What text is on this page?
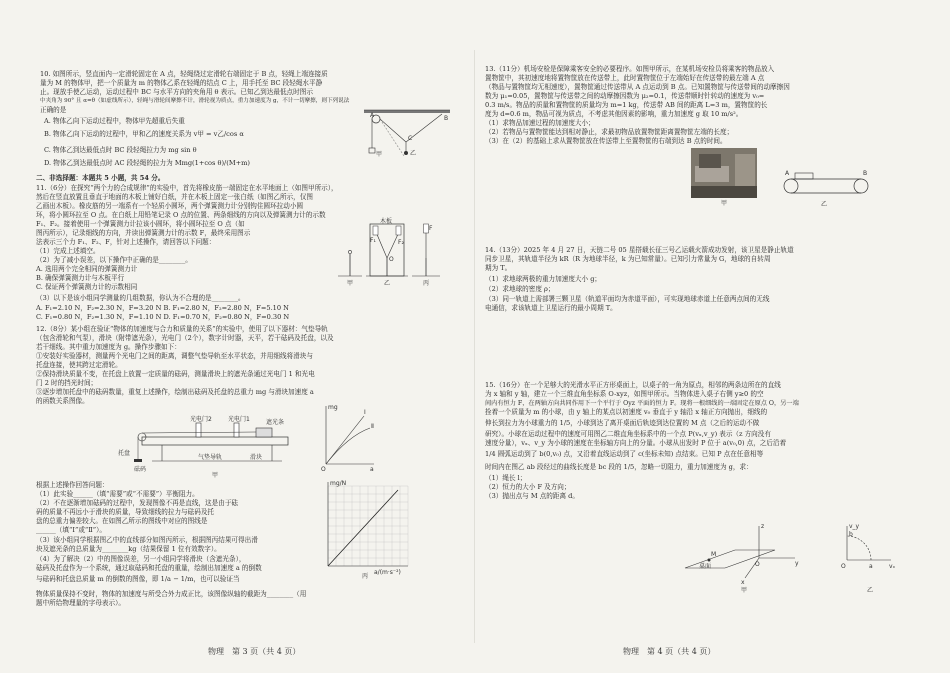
10. 如图所示，竖直面内一定滑轮固定在 A 点，轻绳绕过定滑轮右端固定于 B 点，轻绳上端连接质
量为 M 的物体甲，把一个质量为 m 的物体乙系在轻绳的结点 C 上，用手托至 BC 段轻绳水平静
止。现放手使乙运动，运动过程中 BC 与水平方向的夹角用 θ 表示。已知乙到达最低点时图示
中夹角为 90° 且 α=θ（如虚线所示），轻绳与滑轮间摩擦不计，滑轮视为质点，重力加速度为 g，不计一切摩擦，则下列说法
正确的是
A. 物体乙向下运动过程中，物体甲先超重后失重
B. 物体乙向下运动的过程中，甲和乙的速度关系为 v甲 = v乙/cos α
C. 物体乙到达最低点时 BC 段轻绳拉力为 mg sin θ
D. 物体乙到达最低点时 AC 段轻绳的拉力为 Mmg(1+cos θ)/(M+m)
A	B
C
甲	乙
二、非选择题：本题共 5 小题，共 54 分。
11.（6分）在探究“两个力的合成规律”的实验中，首先将橡皮筋一端固定在水平地面上（如图甲所示），
然后在竖直放置且垂直于地面的木板上铺好白纸，并在木板上固定一张白纸（如图乙所示，仅图
乙画出木板）。橡皮筋的另一端系有一个轻质小圆环，两个弹簧测力计分别钩住圆环拉动小圆
环，将小圆环拉至 O 点。在白纸上用铅笔记录 O 点的位置、两条细线的方向以及弹簧测力计的示数
F₁、F₂。接着使用一个弹簧测力计拉该小圆环，将小圆环拉至 O 点（如
图丙所示），记录细线的方向，并读出弹簧测力计的示数 F，最终采用图示
法表示三个力 F₁、F₂、F，针对上述操作，请回答以下问题：
（1）完成上述填空。
（2）为了减小误差，以下操作中正确的是________。
A. 选用两个完全相同的弹簧测力计
B. 确保弹簧测力计与木板平行
C. 保证两个弹簧测力计的示数相同
（3）以下是该小组同学测量的几组数据，你认为不合理的是________。
A. F₁=2.10 N，F₂=2.30 N，F=3.20 N B. F₁=2.80 N，F₂=2.80 N，F=5.10 N
C. F₁=0.80 N，F₂=1.30 N，F=1.10 N D. F₁=0.70 N，F₂=0.80 N，F=0.30 N
甲
木板
F₁	F₂
O
乙
F
丙
12.（8分）某小组在验证“物体的加速度与合力和质量的关系”的实验中，使用了以下器材：气垫导轨
（包含滑轮和气泵），滑块（附带遮光条），光电门（2个），数字计时器，天平，若干砝码及托盘，以及
若干细线。其中重力加速度为 g。操作步骤如下：
①安装好实验器材，测量两个光电门之间的距离，调整气垫导轨至水平状态，并用细线将滑块与
托盘连接，使其跨过定滑轮。
②保持滑块质量不变，在托盘上放置一定质量的砝码，测量滑块上的遮光条通过光电门 1 和光电
门 2 时的挡光时间；
③逐步增加托盘中的砝码数量，重复上述操作，绘制出砝码及托盘的总重力 mg 与滑块加速度 a
的函数关系图像。
光电门2	光电门1	遮光条
托盘
砝码
气垫导轨	滑块
甲
mg
a
O
Ⅰ
Ⅱ
mg/N
a/(m·s⁻²)
丙
根据上述操作回答问题：
（1）此实验______（填“需要”或“不需要”）平衡阻力。
（2）不在逐渐增加砝码的过程中，发现图像不再是直线，这是由于砝
码的质量不再远小于滑块的质量，导致细线的拉力与砝码及托
盘的总重力偏差较大。在如图乙所示的图线中对应的图线是
______（填“Ⅰ”或“Ⅱ”）。
（3）该小组同学根据图乙中的直线部分如图丙所示，根据图丙结果可得出滑
块及遮光条的总质量为________kg（结果保留 1 位有效数字）。
（4）为了解决（2）中的图像误差，另一小组同学将滑块（含遮光条），
砝码及托盘作为一个系统，通过取砝码和托盘的重量，绘制出加速度 a 的倒数
与砝码和托盘总质量 m 的倒数的图像，即 1/a − 1/m，也可以验证当
物体质量保持不变时，物体的加速度与所受合外力成正比，该图像纵轴的截距为________（用
题中所给物理量的字母表示）。
物理　第 3 页（共 4 页）
13.（11分）机场安检是保障乘客安全的必要程序。如图甲所示，在某机场安检员将乘客的物品放入
置物筐中，其初速度地将置物筐放在传送带上，此时置物筐位于左端始好在传送带的最左端 A 点
（物品与置物筐均无相速度），置物筐通过传送带从 A 点运动到 B 点。已知置物筐与传送带间的动摩擦因
数为 μ₁=0.05，置物筐与传送带之间的动摩擦因数为 μ₂=0.1，传送带顺时针转动的速度为 v₀=
0.3 m/s。物品的质量和置物筐的质量均为 m=1 kg，传送带 AB 间的距离 L=3 m，置物筐的长
度为 d=0.6 m，物品可视为质点，不考虑其他因素的影响，重力加速度 g 取 10 m/s²。
（1）求物品加速过程的加速度大小；
（2）若物品与置物筐能达到相对静止，求最初物品放置物筐距离置物筐左端的长度；
（3）在（2）的基础上求从置物筐放在传送带上至置物筐的右端到达 B 点的时间。
甲
A	B
乙
14.（13分）2025 年 4 月 27 日，天链二号 05 星搭载长征三号乙运载火箭成功发射，该卫星是静止轨道
同步卫星，其轨道半径为 kR（R 为地球半径，k 为已知常量）。已知引力常量为 G，地球的自转周
期为 T。
（1）求地球两极的重力加速度大小 g；
（2）求地球的密度 ρ；
（3）同一轨道上需部署三颗卫星（轨道平面均为赤道平面），可实现地球赤道上任意两点间的无线
电通信，求该轨道上卫星运行的最小周期 T。
15.（16分）在一个足够大的光滑水平正方形桌面上，以桌子的一角为原点，相邻的两条边所在的直线
为 x 轴和 y 轴，建立一个三维直角坐标系 O-xyz，如图甲所示。当物体进入桌子右侧 y≥0 的空
间内有恒力 F，在两轴方向共同作用下一个平行于 Oyz 平面的恒力 F。现将一根细线的一端固定在原点 O，另一端
拴着一个质量为 m 的小球，由 y 轴上的某点以初速度 v₀ 垂直于 y 轴沿 x 轴正方向抛出，细线的
伸长到拉力为小球重力的 1/5，小球到达了离开桌面后轨迹到达位置的 M 点（之后的运动不做
研究）。小球在运动过程中的速度可用图乙二维直角坐标系中的一个点 P(vₓ,v_y) 表示（z 方向没有
速度分量），vₓ、v_y 为小球的速度在坐标轴方向上的分量。小球从出发时 P 位于 a(v₀,0) 点，之后沿着
1/4 圆弧运动到了 b(0,v₀) 点，又沿着直线运动到了 c(坐标未知) 点结束。已知 P 点在任意相等
时间内在图乙 ab 段经过的曲线长度是 bc 段的 1/5，忽略一切阻力，重力加速度为 g，求：
（1）绳长 l；
（2）恒力的大小 F 及方向；
（3）抛出点与 M 点的距离 d。
桌面	O	y
z
x
M
甲
O	vₓ
v_y
a
b
乙
物理　第 4 页（共 4 页）
